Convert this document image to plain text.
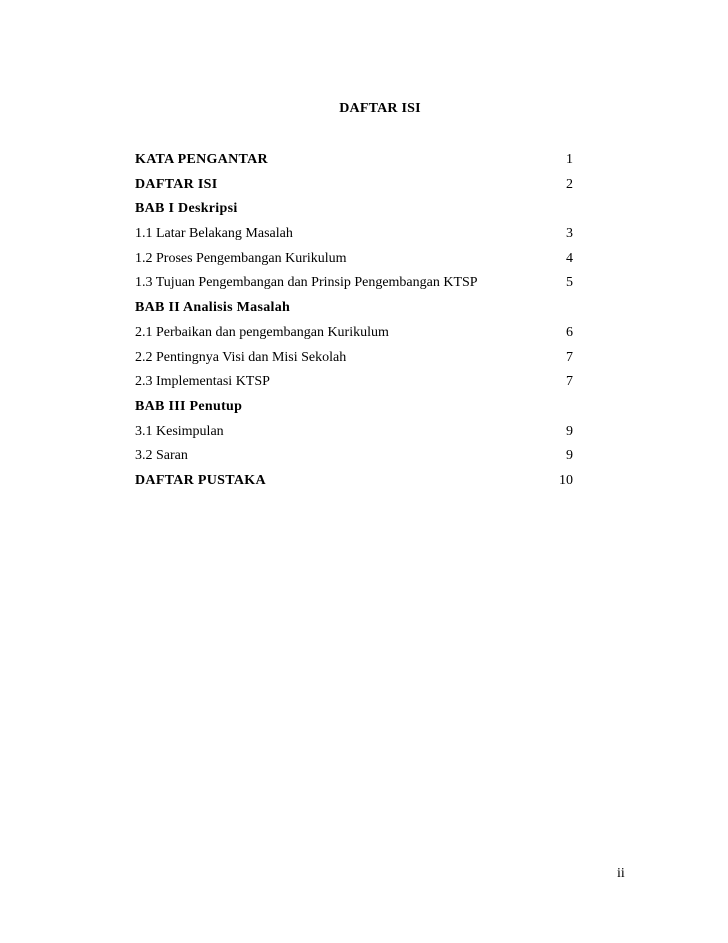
DAFTAR ISI
KATA PENGANTAR	1
DAFTAR ISI	2
BAB I Deskripsi
1.1 Latar Belakang Masalah	3
1.2 Proses Pengembangan Kurikulum	4
1.3 Tujuan Pengembangan dan Prinsip Pengembangan KTSP	5
BAB II Analisis Masalah
2.1 Perbaikan dan pengembangan Kurikulum	6
2.2 Pentingnya Visi dan Misi Sekolah	7
2.3 Implementasi KTSP	7
BAB III Penutup
3.1 Kesimpulan	9
3.2 Saran	9
DAFTAR PUSTAKA	10
ii
